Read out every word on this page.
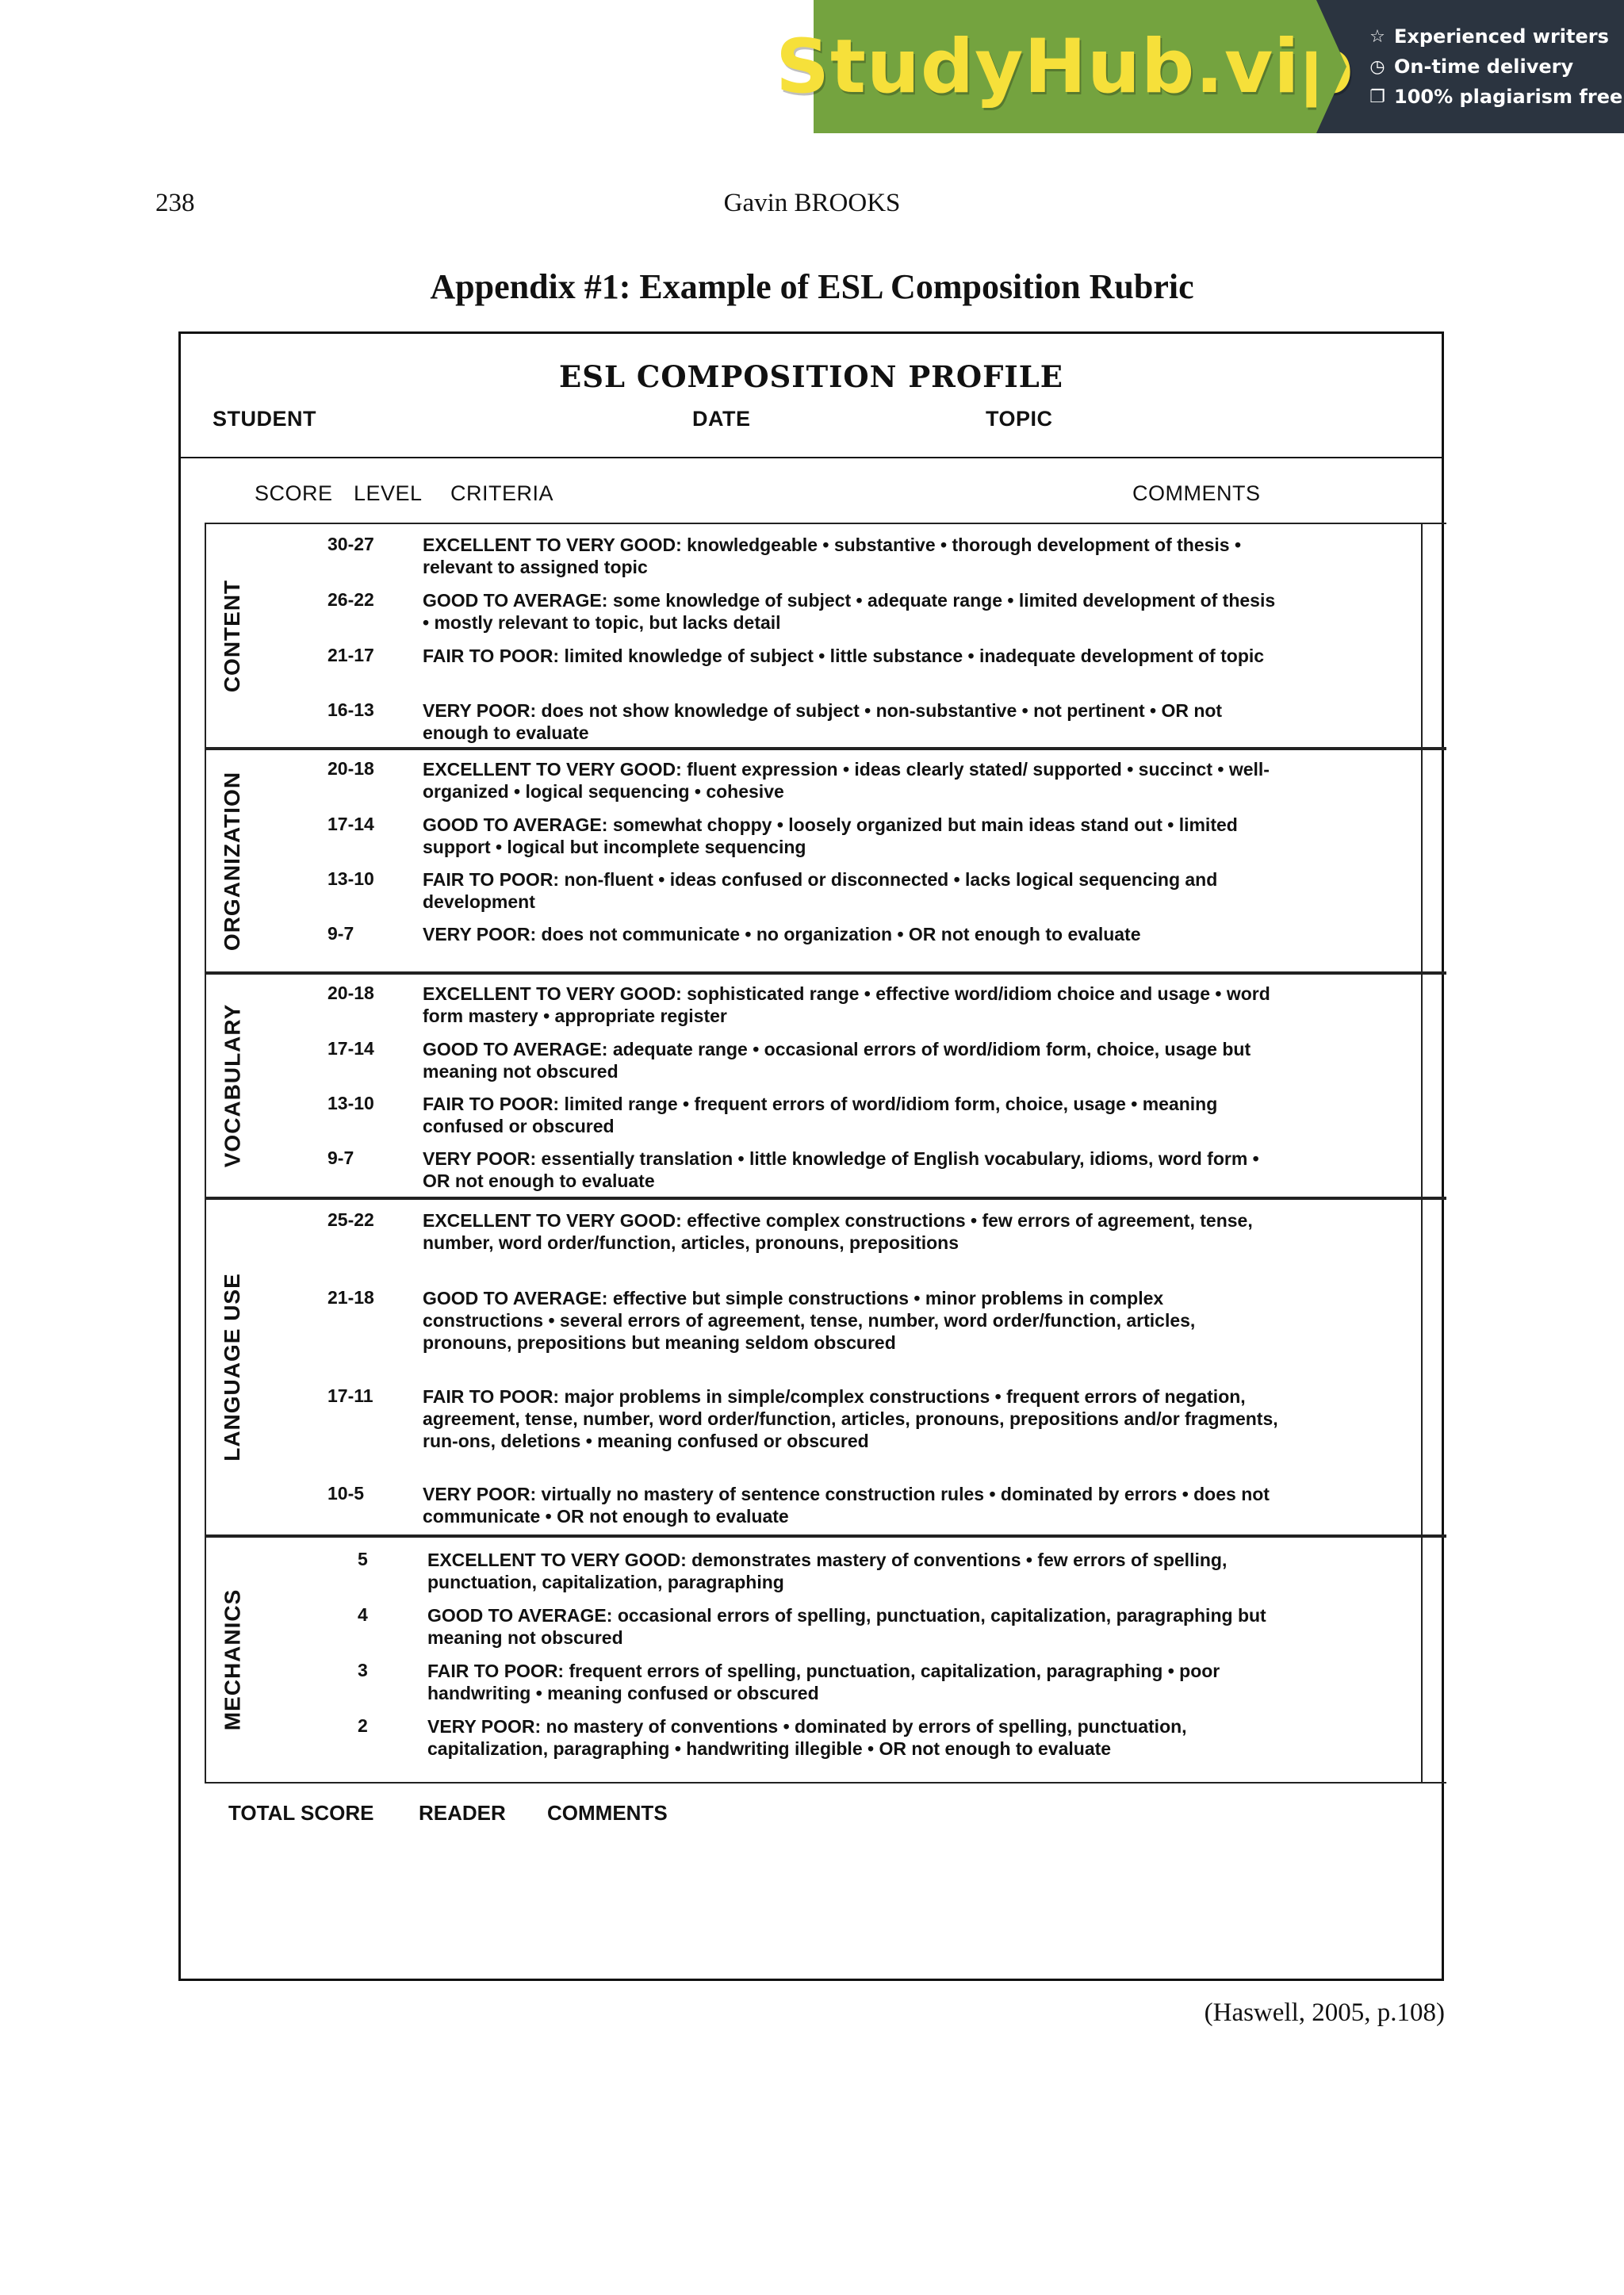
StudyHub.vip ☆ Experienced writers
◷ On-time delivery
❐ 100% plagiarism free
Gavin BROOKS
238
Appendix #1: Example of ESL Composition Rubric
ESL COMPOSITION PROFILE
STUDENT	DATE	TOPIC
SCORE LEVEL CRITERIA	COMMENTS
CONTENT
30-27	EXCELLENT TO VERY GOOD: knowledgeable • substantive • thorough development of thesis • relevant to assigned topic
26-22	GOOD TO AVERAGE: some knowledge of subject • adequate range • limited development of thesis • mostly relevant to topic, but lacks detail
21-17	FAIR TO POOR: limited knowledge of subject • little substance • inadequate development of topic
16-13	VERY POOR: does not show knowledge of subject • non-substantive • not pertinent • OR not enough to evaluate
ORGANIZATION
20-18	EXCELLENT TO VERY GOOD: fluent expression • ideas clearly stated/ supported • succinct • well-organized • logical sequencing • cohesive
17-14	GOOD TO AVERAGE: somewhat choppy • loosely organized but main ideas stand out • limited support • logical but incomplete sequencing
13-10	FAIR TO POOR: non-fluent • ideas confused or disconnected • lacks logical sequencing and development
9-7	VERY POOR: does not communicate • no organization • OR not enough to evaluate
VOCABULARY
20-18	EXCELLENT TO VERY GOOD: sophisticated range • effective word/idiom choice and usage • word form mastery • appropriate register
17-14	GOOD TO AVERAGE: adequate range • occasional errors of word/idiom form, choice, usage but meaning not obscured
13-10	FAIR TO POOR: limited range • frequent errors of word/idiom form, choice, usage • meaning confused or obscured
9-7	VERY POOR: essentially translation • little knowledge of English vocabulary, idioms, word form • OR not enough to evaluate
LANGUAGE USE
25-22	EXCELLENT TO VERY GOOD: effective complex constructions • few errors of agreement, tense, number, word order/function, articles, pronouns, prepositions
21-18	GOOD TO AVERAGE: effective but simple constructions • minor problems in complex constructions • several errors of agreement, tense, number, word order/function, articles, pronouns, prepositions but meaning seldom obscured
17-11	FAIR TO POOR: major problems in simple/complex constructions • frequent errors of negation, agreement, tense, number, word order/function, articles, pronouns, prepositions and/or fragments, run-ons, deletions • meaning confused or obscured
10-5	VERY POOR: virtually no mastery of sentence construction rules • dominated by errors • does not communicate • OR not enough to evaluate
MECHANICS
5	EXCELLENT TO VERY GOOD: demonstrates mastery of conventions • few errors of spelling, punctuation, capitalization, paragraphing
4	GOOD TO AVERAGE: occasional errors of spelling, punctuation, capitalization, paragraphing but meaning not obscured
3	FAIR TO POOR: frequent errors of spelling, punctuation, capitalization, paragraphing • poor handwriting • meaning confused or obscured
2	VERY POOR: no mastery of conventions • dominated by errors of spelling, punctuation, capitalization, paragraphing • handwriting illegible • OR not enough to evaluate
TOTAL SCORE READER COMMENTS
(Haswell, 2005, p.108)
